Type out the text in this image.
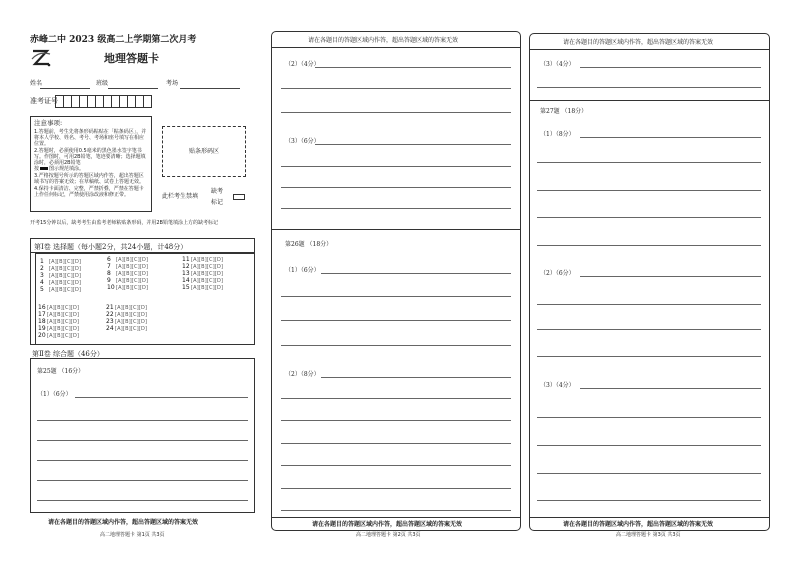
赤峰二中 2023 级高二上学期第二次月考
地理答题卡
姓名	班级	考场
准考证号
注意事项:
1.答题前，考生先将条形码粘贴在「粘条码区」，并将本人学校、姓名、考号、考场和座号填写在相应位置。
2.答题时，必须使用0.5毫米的黑色墨水签字笔书写。作图时，可用2B铅笔，笔迹要清晰；选择题填涂时，必须用2B铅笔
按 图示规范填涂。
3.严格按题号所示的答题区域内作答，超出答题区域书写的答案无效；在草稿纸、试卷上答题无效。
4.保持卡面清洁、完整，严禁折叠，严禁在答题卡上作任何标记，严禁使用涂改液和修正带。
贴条形码区
此栏考生禁填
缺考
标记
开考15分钟以后，缺考考生由监考老师粘贴条形码，并用2B铅笔填涂上方的缺考标记
第Ⅰ卷 选择题（每小题2分，共24小题，计48分）
1 [A][B][C][D]
2 [A][B][C][D]
3 [A][B][C][D]
4 [A][B][C][D]
5 [A][B][C][D]
6 [A][B][C][D]
7 [A][B][C][D]
8 [A][B][C][D]
9 [A][B][C][D]
10[A][B][C][D]
11[A][B][C][D]
12[A][B][C][D]
13[A][B][C][D]
14[A][B][C][D]
15[A][B][C][D]
16[A][B][C][D]
17[A][B][C][D]
18[A][B][C][D]
19[A][B][C][D]
20[A][B][C][D]
21[A][B][C][D]
22[A][B][C][D]
23[A][B][C][D]
24[A][B][C][D]
第Ⅱ卷 综合题（46分）
第25题 （16分）
（1）（6分）
请在各题目的答题区域内作答，超出答题区域的答案无效
高二地理答题卡 第1页 共3页
请在各题目的答题区域内作答，超出答题区域的答案无效
（2）（4分）
（3）（6分）
第26题 （18分）
（1）（6分）
（2）（8分）
请在各题目的答题区域内作答，超出答题区域的答案无效
高二地理答题卡 第2页 共3页
请在各题目的答题区域内作答，超出答题区域的答案无效
（3）（4分）
第27题 （18分）
（1）（8分）
（2）（6分）
（3）（4分）
请在各题目的答题区域内作答，超出答题区域的答案无效
高二地理答题卡 第3页 共3页
